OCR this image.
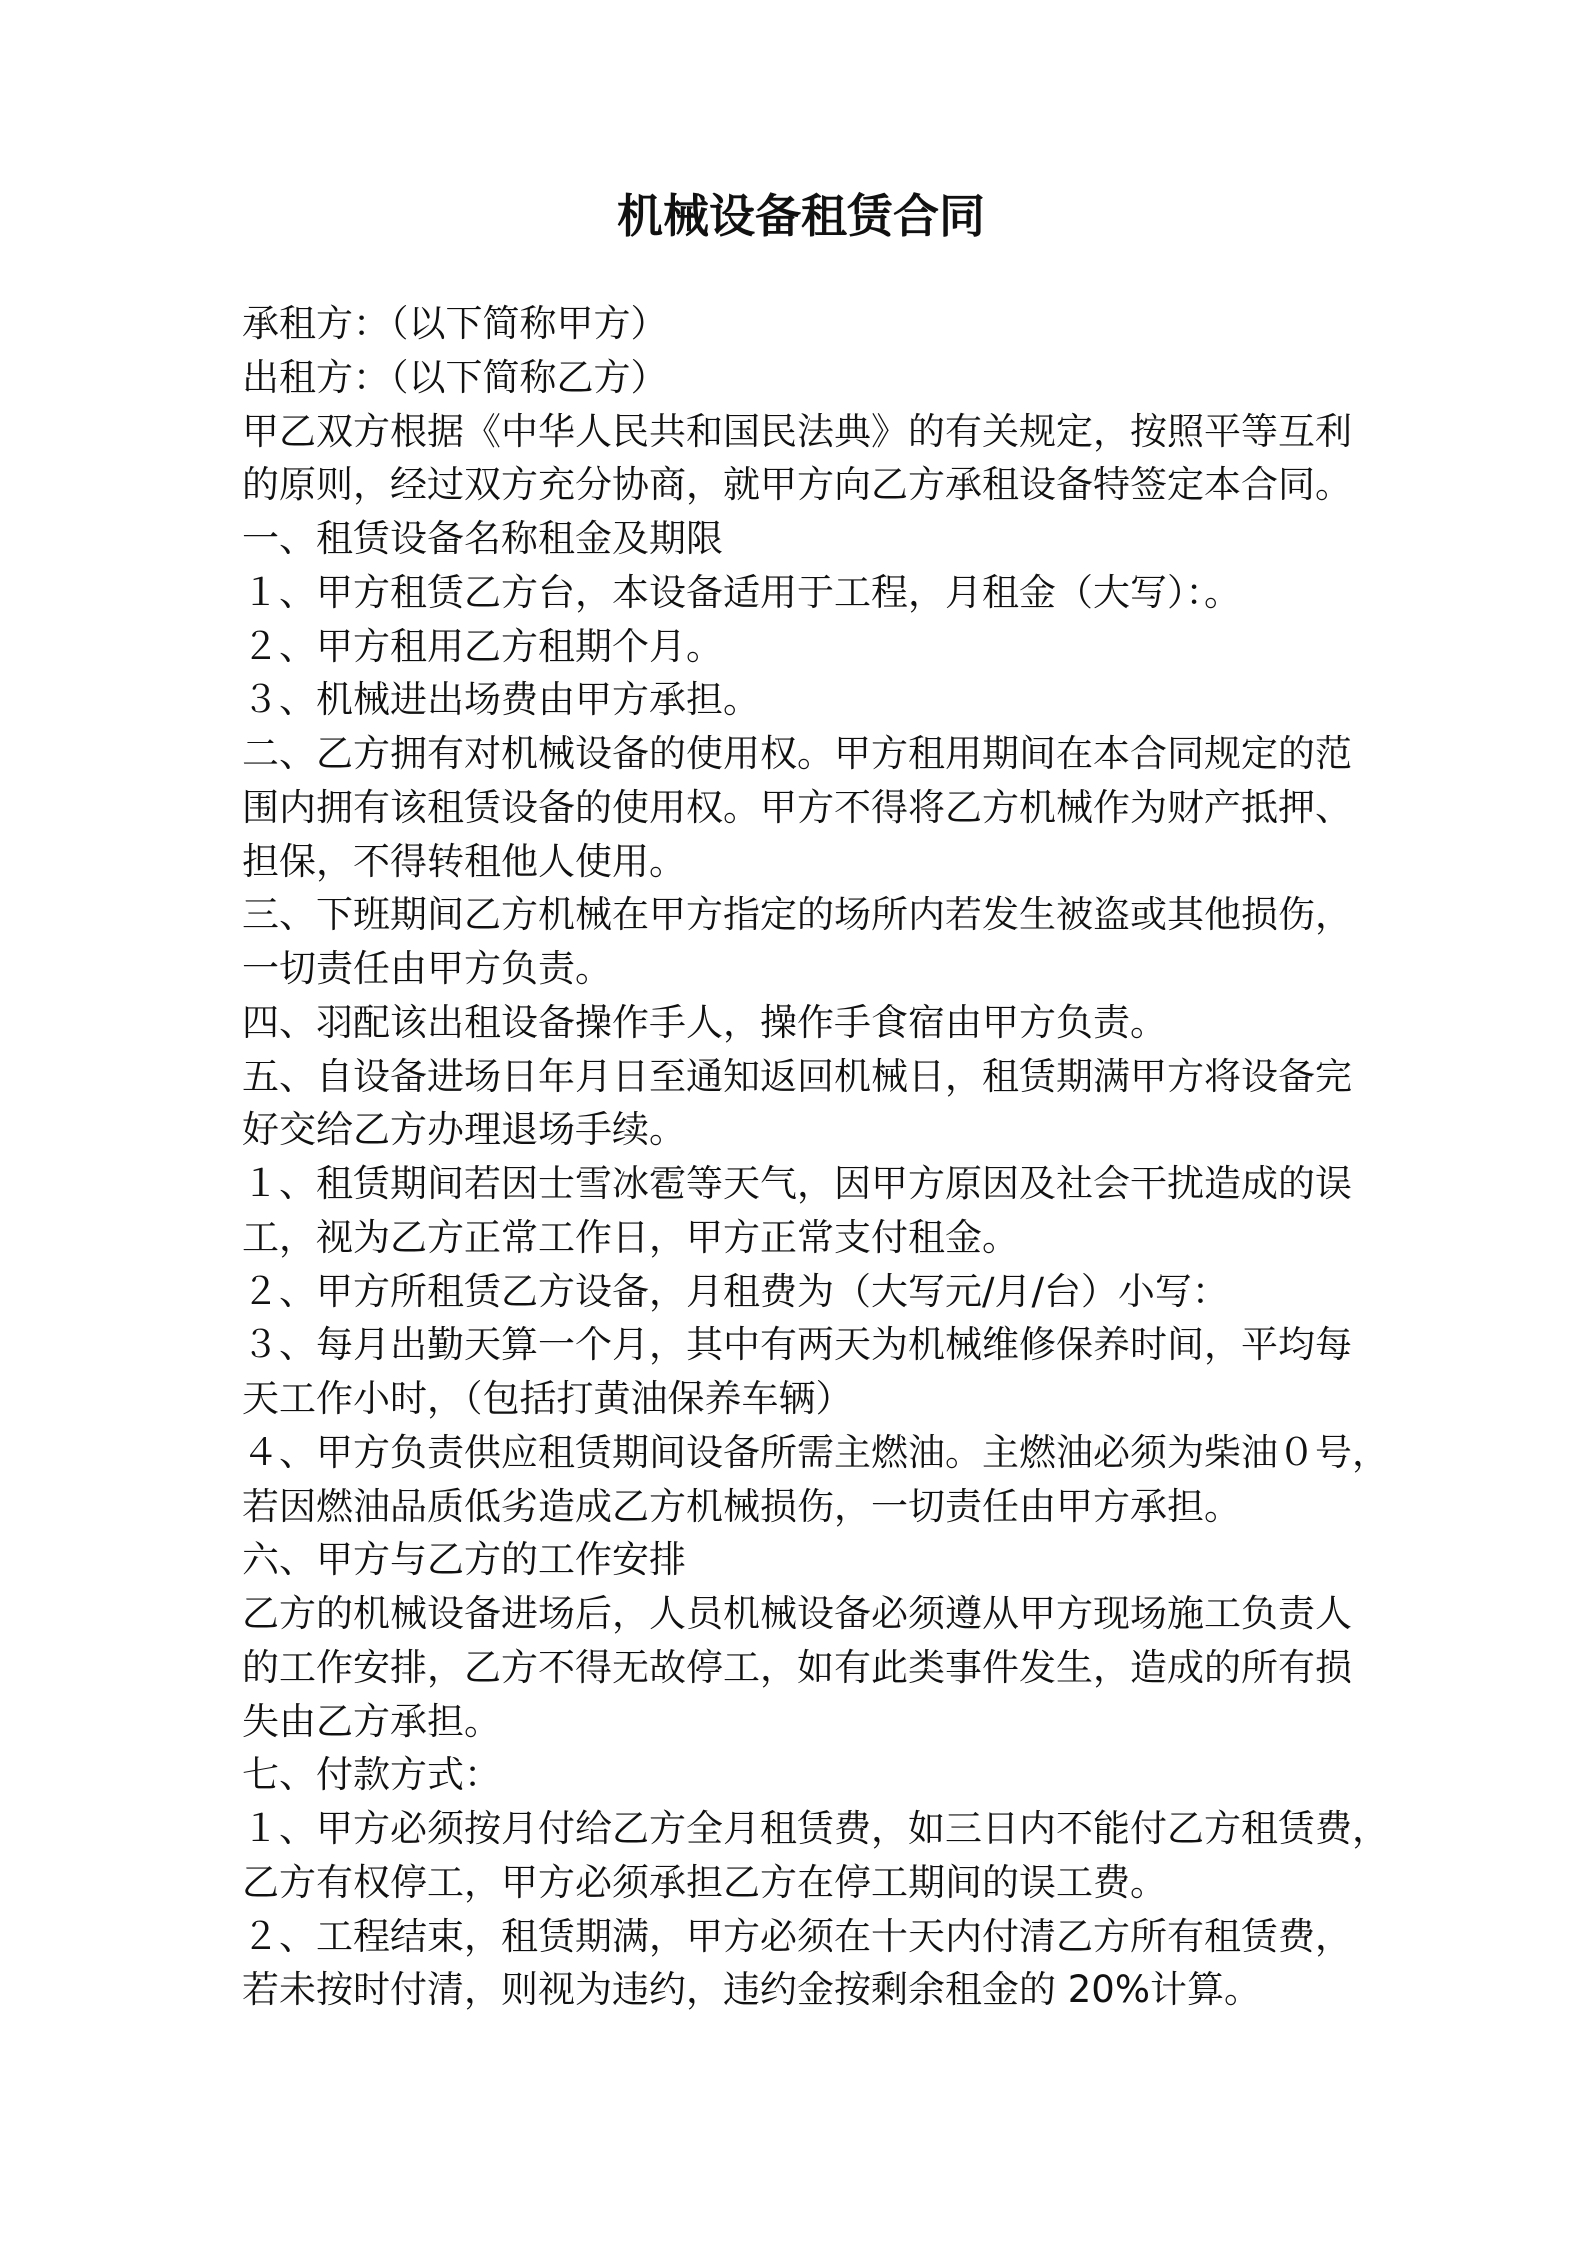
机械设备租赁合同
承租方：（以下简称甲方）
出租方：（以下简称乙方）
甲乙双方根据《中华人民共和国民法典》的有关规定，按照平等互利
的原则，经过双方充分协商，就甲方向乙方承租设备特签定本合同。
一、租赁设备名称租金及期限
１、甲方租赁乙方台，本设备适用于工程，月租金（大写）：。
２、甲方租用乙方租期个月。
３、机械进出场费由甲方承担。
二、乙方拥有对机械设备的使用权。甲方租用期间在本合同规定的范
围内拥有该租赁设备的使用权。甲方不得将乙方机械作为财产抵押、
担保，不得转租他人使用。
三、下班期间乙方机械在甲方指定的场所内若发生被盗或其他损伤，
一切责任由甲方负责。
四、羽配该出租设备操作手人，操作手食宿由甲方负责。
五、自设备进场日年月日至通知返回机械日，租赁期满甲方将设备完
好交给乙方办理退场手续。
１、租赁期间若因士雪冰雹等天气，因甲方原因及社会干扰造成的误
工，视为乙方正常工作日，甲方正常支付租金。
２、甲方所租赁乙方设备，月租费为（大写元/月/台）小写：
３、每月出勤天算一个月，其中有两天为机械维修保养时间，平均每
天工作小时，（包括打黄油保养车辆）
４、甲方负责供应租赁期间设备所需主燃油。主燃油必须为柴油０号，
若因燃油品质低劣造成乙方机械损伤，一切责任由甲方承担。
六、甲方与乙方的工作安排
乙方的机械设备进场后，人员机械设备必须遵从甲方现场施工负责人
的工作安排，乙方不得无故停工，如有此类事件发生，造成的所有损
失由乙方承担。
七、付款方式：
１、甲方必须按月付给乙方全月租赁费，如三日内不能付乙方租赁费，
乙方有权停工，甲方必须承担乙方在停工期间的误工费。
２、工程结束，租赁期满，甲方必须在十天内付清乙方所有租赁费，
若未按时付清，则视为违约，违约金按剩余租金的 20%计算。
